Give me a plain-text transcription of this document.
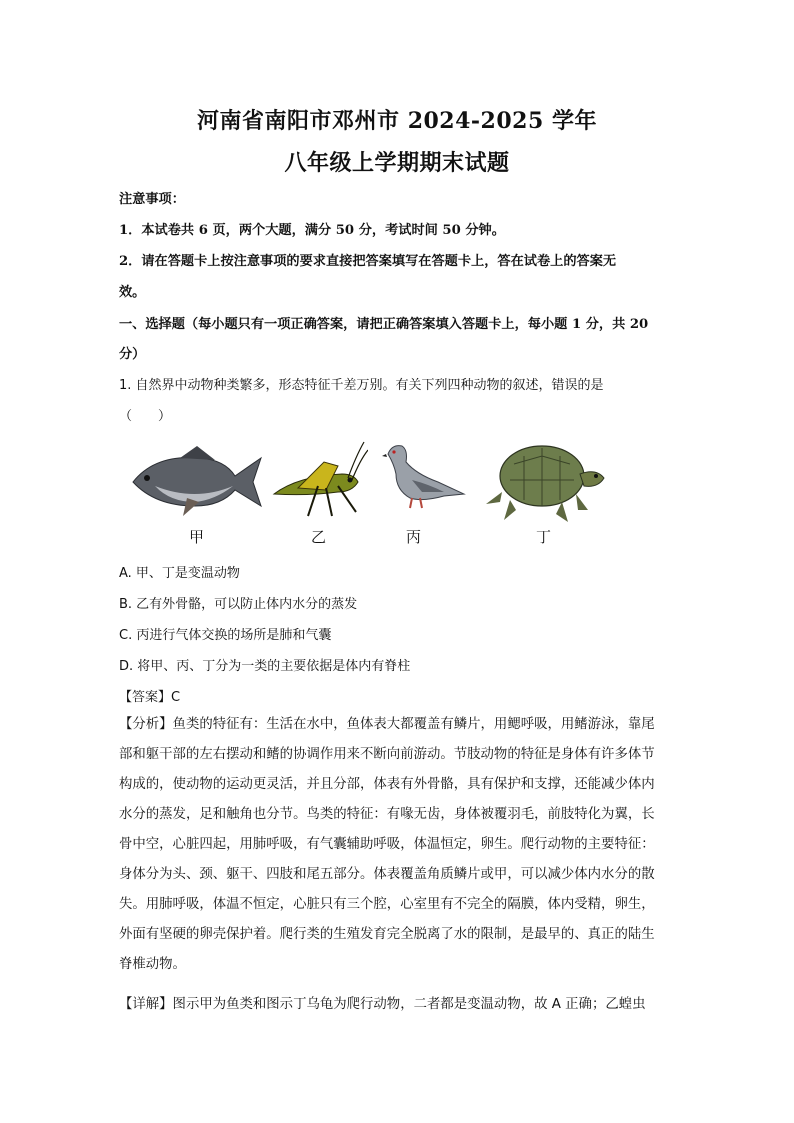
河南省南阳市邓州市 2024-2025 学年
八年级上学期期末试题
注意事项：
1．本试卷共 6 页，两个大题，满分 50 分，考试时间 50 分钟。
2．请在答题卡上按注意事项的要求直接把答案填写在答题卡上，答在试卷上的答案无
效。
一、选择题（每小题只有一项正确答案，请把正确答案填入答题卡上，每小题 1 分，共 20
分）
1. 自然界中动物种类繁多，形态特征千差万别。有关下列四种动物的叙述，错误的是
（　　）
甲	乙	丙	丁
A. 甲、丁是变温动物
B. 乙有外骨骼，可以防止体内水分的蒸发
C. 丙进行气体交换的场所是肺和气囊
D. 将甲、丙、丁分为一类的主要依据是体内有脊柱
【答案】C
【分析】鱼类的特征有：生活在水中，鱼体表大都覆盖有鳞片，用鳃呼吸，用鳍游泳，靠尾
部和躯干部的左右摆动和鳍的协调作用来不断向前游动。节肢动物的特征是身体有许多体节
构成的，使动物的运动更灵活，并且分部，体表有外骨骼，具有保护和支撑，还能减少体内
水分的蒸发，足和触角也分节。鸟类的特征：有喙无齿，身体被覆羽毛，前肢特化为翼，长
骨中空，心脏四起，用肺呼吸，有气囊辅助呼吸，体温恒定，卵生。爬行动物的主要特征：
身体分为头、颈、躯干、四肢和尾五部分。体表覆盖角质鳞片或甲，可以减少体内水分的散
失。用肺呼吸，体温不恒定，心脏只有三个腔，心室里有不完全的隔膜，体内受精，卵生，
外面有坚硬的卵壳保护着。爬行类的生殖发育完全脱离了水的限制，是最早的、真正的陆生
脊椎动物。
【详解】图示甲为鱼类和图示丁乌龟为爬行动物，二者都是变温动物，故 A 正确；乙蝗虫
